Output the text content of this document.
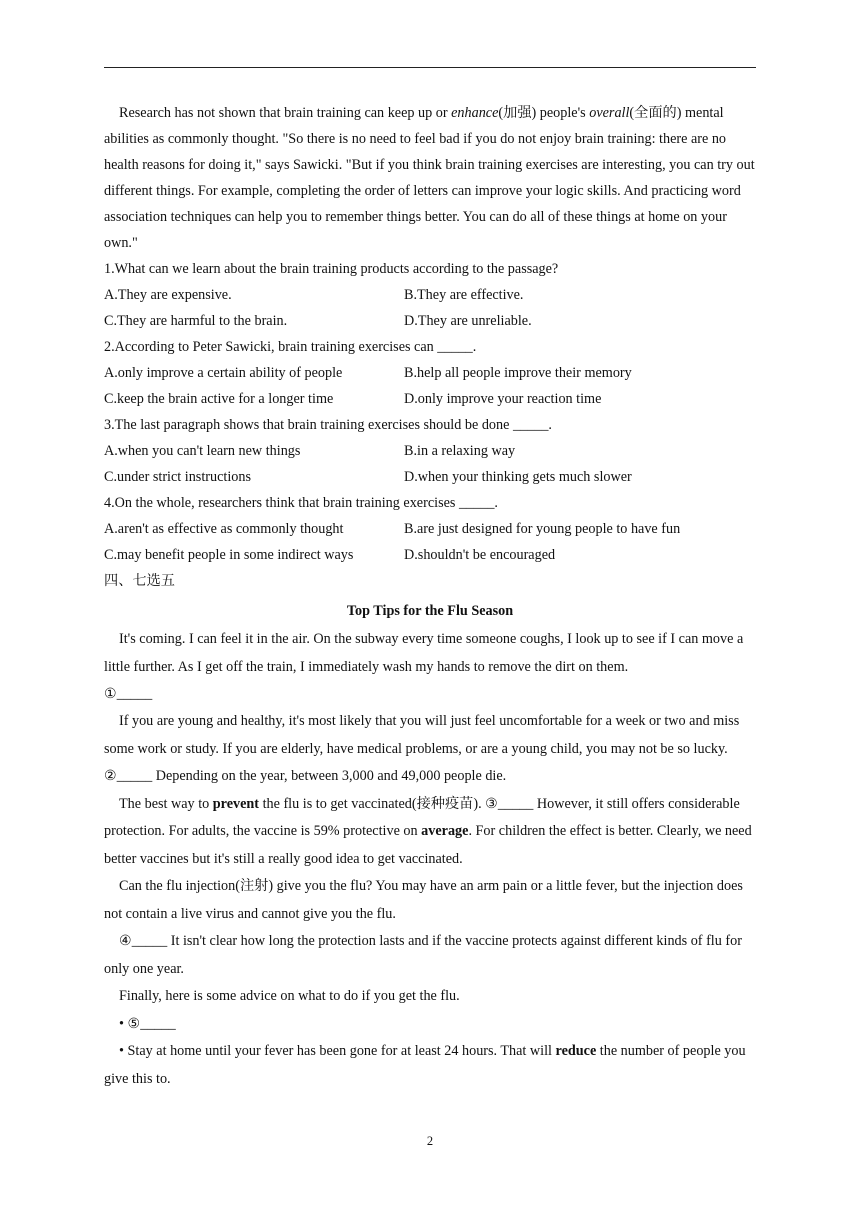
Research has not shown that brain training can keep up or enhance(加强) people's overall(全面的) mental abilities as commonly thought. "So there is no need to feel bad if you do not enjoy brain training: there are no health reasons for doing it," says Sawicki. "But if you think brain training exercises are interesting, you can try out different things. For example, completing the order of letters can improve your logic skills. And practicing word association techniques can help you to remember things better. You can do all of these things at home on your own."

1.What can we learn about the brain training products according to the passage?

A.They are expensive.	B.They are effective.
C.They are harmful to the brain.	D.They are unreliable.

2.According to Peter Sawicki, brain training exercises can _____.

A.only improve a certain ability of people	B.help all people improve their memory
C.keep the brain active for a longer time	D.only improve your reaction time

3.The last paragraph shows that brain training exercises should be done _____.

A.when you can't learn new things	B.in a relaxing way
C.under strict instructions	D.when your thinking gets much slower

4.On the whole, researchers think that brain training exercises _____.

A.aren't as effective as commonly thought	B.are just designed for young people to have fun
C.may benefit people in some indirect ways	D.shouldn't be encouraged

四、七选五

Top Tips for the Flu Season

It's coming. I can feel it in the air. On the subway every time someone coughs, I look up to see if I can move a little further. As I get off the train, I immediately wash my hands to remove the dirt on them.

①_____

If you are young and healthy, it's most likely that you will just feel uncomfortable for a week or two and miss some work or study. If you are elderly, have medical problems, or are a young child, you may not be so lucky. ②_____ Depending on the year, between 3,000 and 49,000 people die.

The best way to prevent the flu is to get vaccinated(接种疫苗). ③_____ However, it still offers considerable protection. For adults, the vaccine is 59% protective on average. For children the effect is better. Clearly, we need better vaccines but it's still a really good idea to get vaccinated.

Can the flu injection(注射) give you the flu? You may have an arm pain or a little fever, but the injection does not contain a live virus and cannot give you the flu.

④_____ It isn't clear how long the protection lasts and if the vaccine protects against different kinds of flu for only one year.

Finally, here is some advice on what to do if you get the flu.

• ⑤_____

• Stay at home until your fever has been gone for at least 24 hours. That will reduce the number of people you give this to.

2
